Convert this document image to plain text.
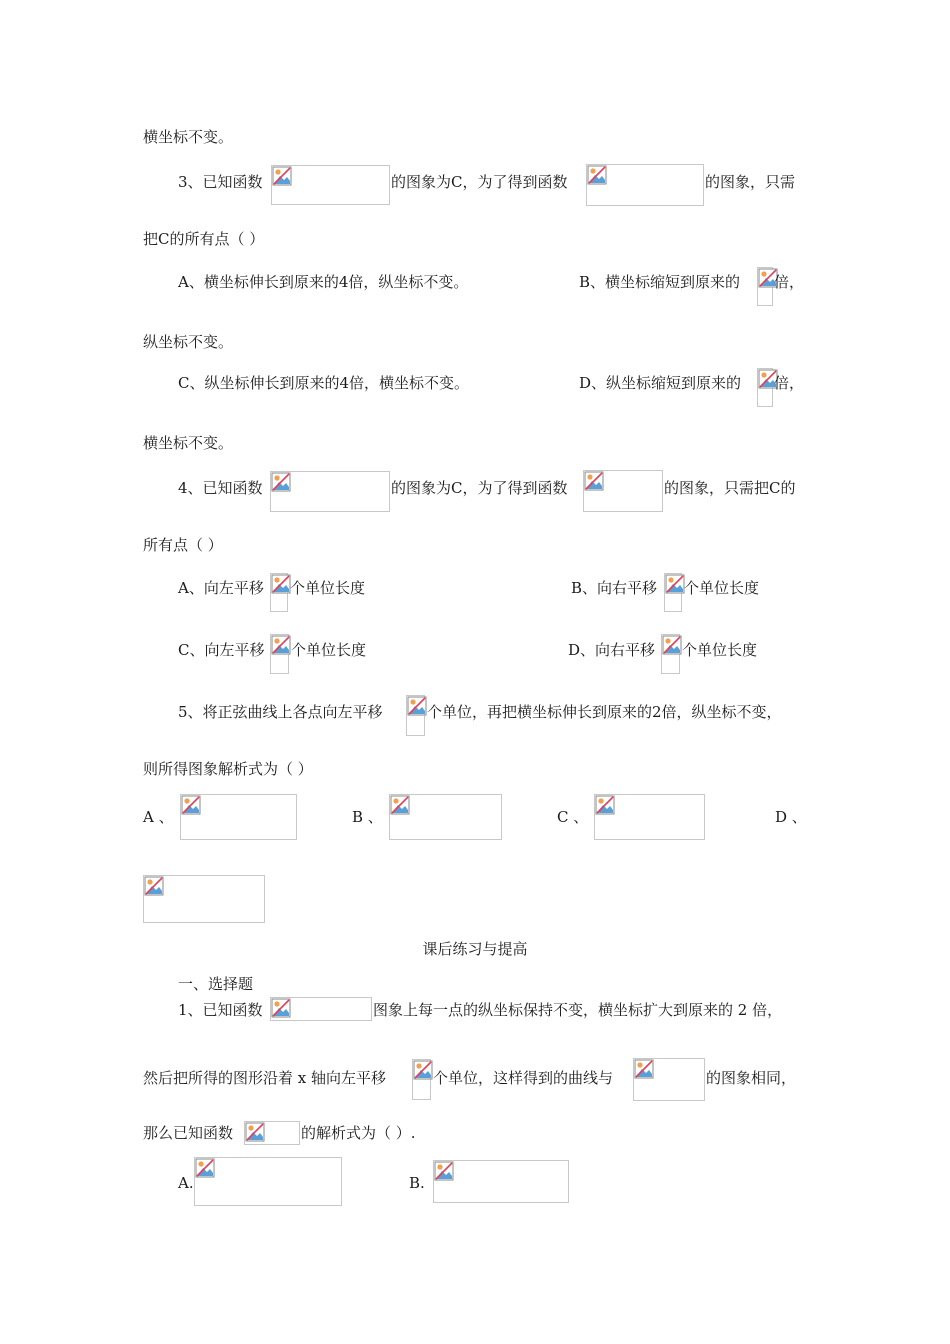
横坐标不变。
3、已知函数	的图象为C，为了得到函数	的图象，只需
把C的所有点（ ）
A、横坐标伸长到原来的4倍，纵坐标不变。	B、横坐标缩短到原来的 倍，
纵坐标不变。
C、纵坐标伸长到原来的4倍，横坐标不变。	D、纵坐标缩短到原来的 倍，
横坐标不变。
4、已知函数	的图象为C，为了得到函数	的图象，只需把C的
所有点（ ）
A、向左平移 个单位长度	B、向右平移 个单位长度
C、向左平移 个单位长度	D、向右平移 个单位长度
5、将正弦曲线上各点向左平移	个单位，再把横坐标伸长到原来的2倍，纵坐标不变，
则所得图象解析式为（ ）
A 、	B 、	C 、	D 、
课后练习与提高
一、选择题
1、已知函数	图象上每一点的纵坐标保持不变，横坐标扩大到原来的 2 倍，
然后把所得的图形沿着 x 轴向左平移	个单位，这样得到的曲线与	的图象相同，
那么已知函数	的解析式为（ ）.
A.	B.
